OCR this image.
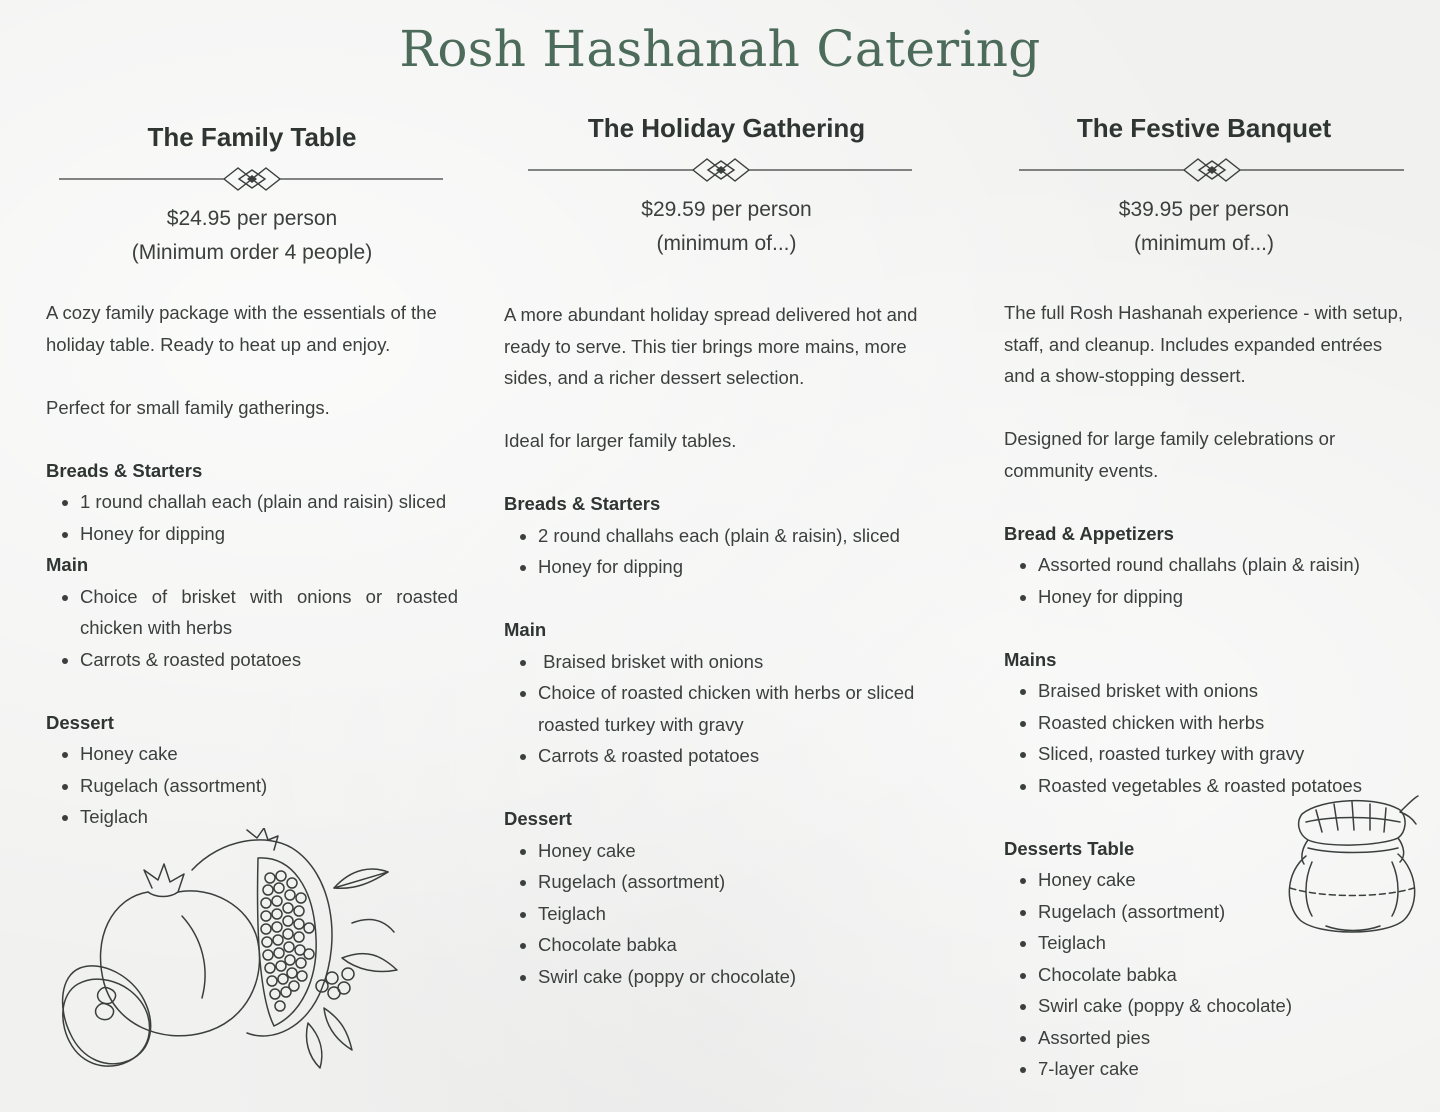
Rosh Hashanah Catering
The Family Table
$24.95 per person
(Minimum order 4 people)

A cozy family package with the essentials of the holiday table. Ready to heat up and enjoy.

Perfect for small family gatherings.

Breads & Starters

• 1 round challah each (plain and raisin) sliced
• Honey for dipping

Main

• Choice of brisket with onions or roasted chicken with herbs
• Carrots & roasted potatoes

Dessert

• Honey cake
• Rugelach (assortment)
• Teiglach
The Holiday Gathering
$29.59 per person
(minimum of...)

A more abundant holiday spread delivered hot and ready to serve. This tier brings more mains, more sides, and a richer dessert selection.

Ideal for larger family tables.

Breads & Starters

• 2 round challahs each (plain & raisin), sliced
• Honey for dipping

Main

•  Braised brisket with onions
• Choice of roasted chicken with herbs or sliced roasted turkey with gravy
• Carrots & roasted potatoes

Dessert

• Honey cake
• Rugelach (assortment)
• Teiglach
• Chocolate babka
• Swirl cake (poppy or chocolate)
The Festive Banquet
$39.95 per person
(minimum of...)

The full Rosh Hashanah experience - with setup, staff, and cleanup. Includes expanded entrées and a show-stopping dessert.

Designed for large family celebrations or community events.

Bread & Appetizers

• Assorted round challahs (plain & raisin)
• Honey for dipping

Mains

• Braised brisket with onions
• Roasted chicken with herbs
• Sliced, roasted turkey with gravy
• Roasted vegetables & roasted potatoes

Desserts Table

• Honey cake
• Rugelach (assortment)
• Teiglach
• Chocolate babka
• Swirl cake (poppy & chocolate)
• Assorted pies
• 7-layer cake
